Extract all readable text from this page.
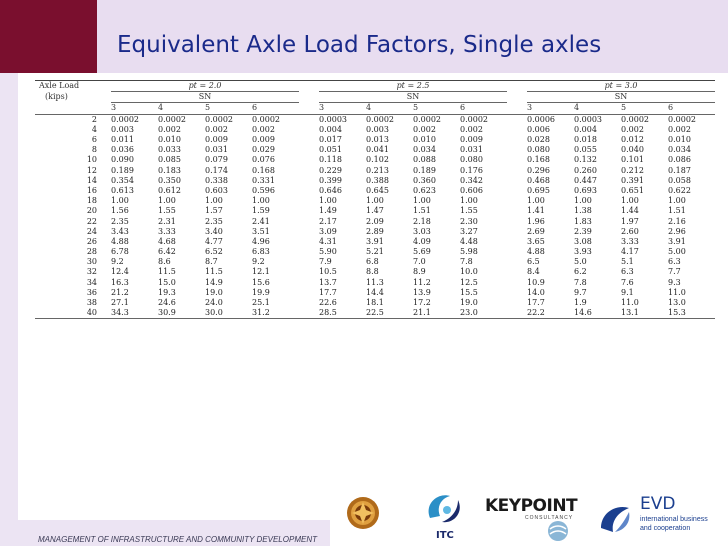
Equivalent Axle Load Factors, Single axles
Axle Load	pt = 2.0					pt = 2.5					pt = 3.0			
(kips)	SN					SN					SN			
	3	4	5	6		3	4	5	6		3	4	5	6
2	0.0002	0.0002	0.0002	0.0002		0.0003	0.0002	0.0002	0.0002		0.0006	0.0003	0.0002	0.0002
4	0.003	0.002	0.002	0.002		0.004	0.003	0.002	0.002		0.006	0.004	0.002	0.002
6	0.011	0.010	0.009	0.009		0.017	0.013	0.010	0.009		0.028	0.018	0.012	0.010
8	0.036	0.033	0.031	0.029		0.051	0.041	0.034	0.031		0.080	0.055	0.040	0.034
10	0.090	0.085	0.079	0.076		0.118	0.102	0.088	0.080		0.168	0.132	0.101	0.086
12	0.189	0.183	0.174	0.168		0.229	0.213	0.189	0.176		0.296	0.260	0.212	0.187
14	0.354	0.350	0.338	0.331		0.399	0.388	0.360	0.342		0.468	0.447	0.391	0.058
16	0.613	0.612	0.603	0.596		0.646	0.645	0.623	0.606		0.695	0.693	0.651	0.622
18	1.00	1.00	1.00	1.00		1.00	1.00	1.00	1.00		1.00	1.00	1.00	1.00
20	1.56	1.55	1.57	1.59		1.49	1.47	1.51	1.55		1.41	1.38	1.44	1.51
22	2.35	2.31	2.35	2.41		2.17	2.09	2.18	2.30		1.96	1.83	1.97	2.16
24	3.43	3.33	3.40	3.51		3.09	2.89	3.03	3.27		2.69	2.39	2.60	2.96
26	4.88	4.68	4.77	4.96		4.31	3.91	4.09	4.48		3.65	3.08	3.33	3.91
28	6.78	6.42	6.52	6.83		5.90	5.21	5.69	5.98		4.88	3.93	4.17	5.00
30	9.2	8.6	8.7	9.2		7.9	6.8	7.0	7.8		6.5	5.0	5.1	6.3
32	12.4	11.5	11.5	12.1		10.5	8.8	8.9	10.0		8.4	6.2	6.3	7.7
34	16.3	15.0	14.9	15.6		13.7	11.3	11.2	12.5		10.9	7.8	7.6	9.3
36	21.2	19.3	19.0	19.9		17.7	14.4	13.9	15.5		14.0	9.7	9.1	11.0
38	27.1	24.6	24.0	25.1		22.6	18.1	17.2	19.0		17.7	1.9	11.0	13.0
40	34.3	30.9	30.0	31.2		28.5	22.5	21.1	23.0		22.2	14.6	13.1	15.3
MANAGEMENT OF INFRASTRUCTURE AND COMMUNITY DEVELOPMENT	ITC
KEYPOINT
CONSULTANCY
EVD
international business and cooperation
